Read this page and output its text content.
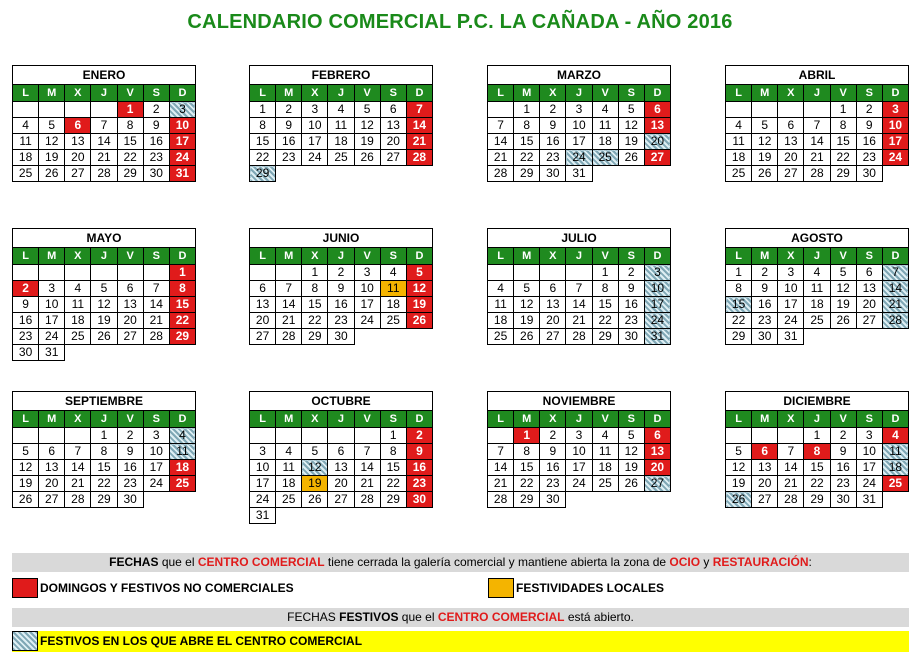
CALENDARIO COMERCIAL P.C. LA CAÑADA - AÑO 2016
ENERO
L	M	X	J	V	S	D
				1	2	3
4	5	6	7	8	9	10
11	12	13	14	15	16	17
18	19	20	21	22	23	24
25	26	27	28	29	30	31
FEBRERO
L	M	X	J	V	S	D
1	2	3	4	5	6	7
8	9	10	11	12	13	14
15	16	17	18	19	20	21
22	23	24	25	26	27	28
29						
MARZO
L	M	X	J	V	S	D
	1	2	3	4	5	6
7	8	9	10	11	12	13
14	15	16	17	18	19	20
21	22	23	24	25	26	27
28	29	30	31			
ABRIL
L	M	X	J	V	S	D
				1	2	3
4	5	6	7	8	9	10
11	12	13	14	15	16	17
18	19	20	21	22	23	24
25	26	27	28	29	30	
MAYO
L	M	X	J	V	S	D
						1
2	3	4	5	6	7	8
9	10	11	12	13	14	15
16	17	18	19	20	21	22
23	24	25	26	27	28	29
30	31					
JUNIO
L	M	X	J	V	S	D
		1	2	3	4	5
6	7	8	9	10	11	12
13	14	15	16	17	18	19
20	21	22	23	24	25	26
27	28	29	30			
JULIO
L	M	X	J	V	S	D
				1	2	3
4	5	6	7	8	9	10
11	12	13	14	15	16	17
18	19	20	21	22	23	24
25	26	27	28	29	30	31
AGOSTO
L	M	X	J	V	S	D
1	2	3	4	5	6	7
8	9	10	11	12	13	14
15	16	17	18	19	20	21
22	23	24	25	26	27	28
29	30	31				
SEPTIEMBRE
L	M	X	J	V	S	D
			1	2	3	4
5	6	7	8	9	10	11
12	13	14	15	16	17	18
19	20	21	22	23	24	25
26	27	28	29	30		
OCTUBRE
L	M	X	J	V	S	D
					1	2
3	4	5	6	7	8	9
10	11	12	13	14	15	16
17	18	19	20	21	22	23
24	25	26	27	28	29	30
31						
NOVIEMBRE
L	M	X	J	V	S	D
	1	2	3	4	5	6
7	8	9	10	11	12	13
14	15	16	17	18	19	20
21	22	23	24	25	26	27
28	29	30				
DICIEMBRE
L	M	X	J	V	S	D
			1	2	3	4
5	6	7	8	9	10	11
12	13	14	15	16	17	18
19	20	21	22	23	24	25
26	27	28	29	30	31	
FECHAS que el CENTRO COMERCIAL tiene cerrada la galería comercial y mantiene abierta la zona de OCIO y RESTAURACIÓN:
DOMINGOS Y FESTIVOS NO COMERCIALES	FESTIVIDADES LOCALES
FECHAS FESTIVOS que el CENTRO COMERCIAL está abierto.
FESTIVOS EN LOS QUE ABRE EL CENTRO COMERCIAL
